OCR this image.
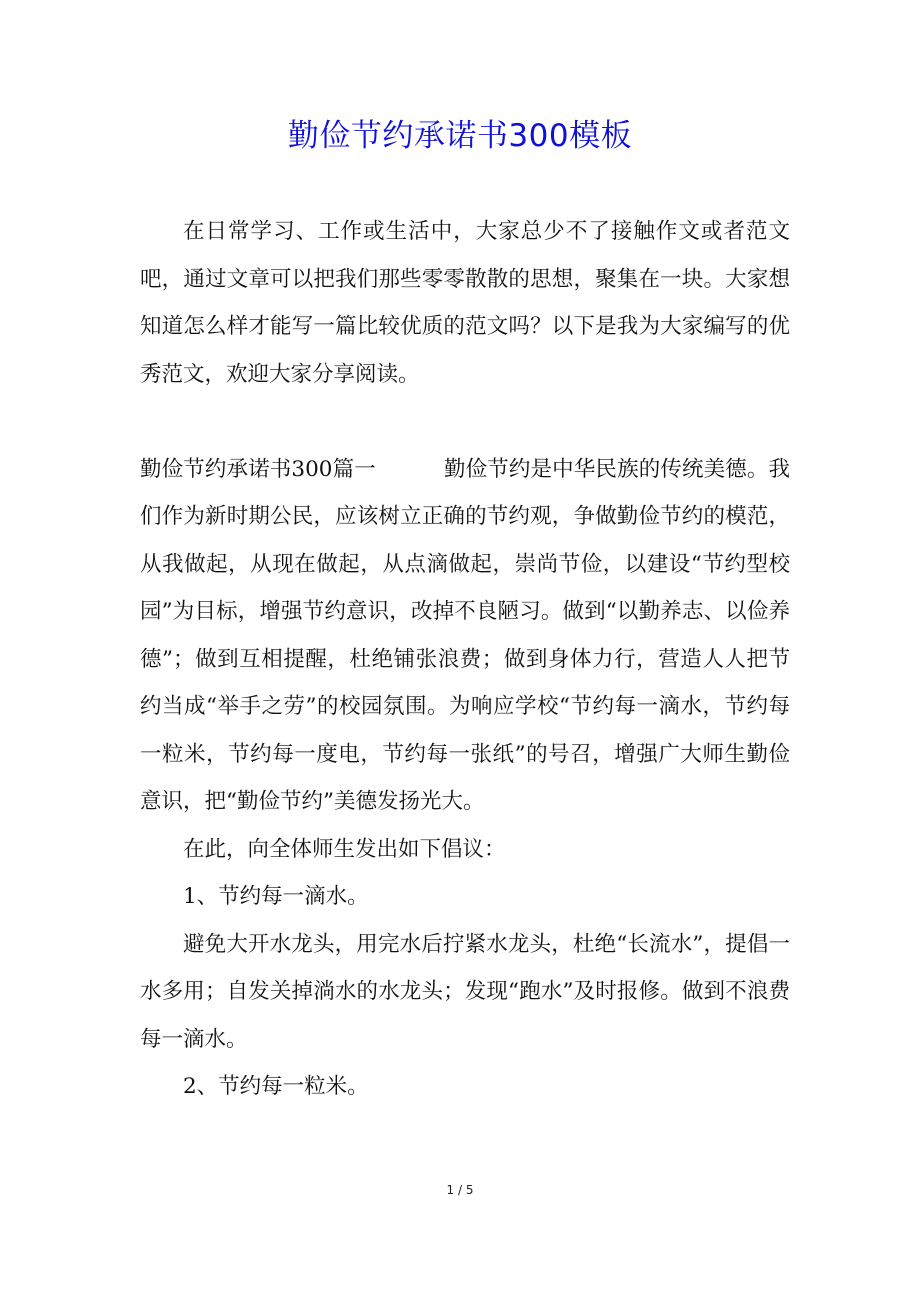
勤俭节约承诺书300模板

在日常学习、工作或生活中，大家总少不了接触作文或者范文吧，通过文章可以把我们那些零零散散的思想，聚集在一块。大家想知道怎么样才能写一篇比较优质的范文吗？以下是我为大家编写的优秀范文，欢迎大家分享阅读。

勤俭节约承诺书300篇一	勤俭节约是中华民族的传统美德。我们作为新时期公民，应该树立正确的节约观，争做勤俭节约的模范，从我做起，从现在做起，从点滴做起，崇尚节俭，以建设“节约型校园”为目标，增强节约意识，改掉不良陋习。做到“以勤养志、以俭养德”；做到互相提醒，杜绝铺张浪费；做到身体力行，营造人人把节约当成“举手之劳”的校园氛围。为响应学校“节约每一滴水，节约每一粒米，节约每一度电，节约每一张纸”的号召，增强广大师生勤俭意识，把“勤俭节约”美德发扬光大。

在此，向全体师生发出如下倡议：

1、节约每一滴水。

避免大开水龙头，用完水后拧紧水龙头，杜绝“长流水”，提倡一水多用；自发关掉淌水的水龙头；发现“跑水”及时报修。做到不浪费每一滴水。

2、节约每一粒米。

1 / 5
